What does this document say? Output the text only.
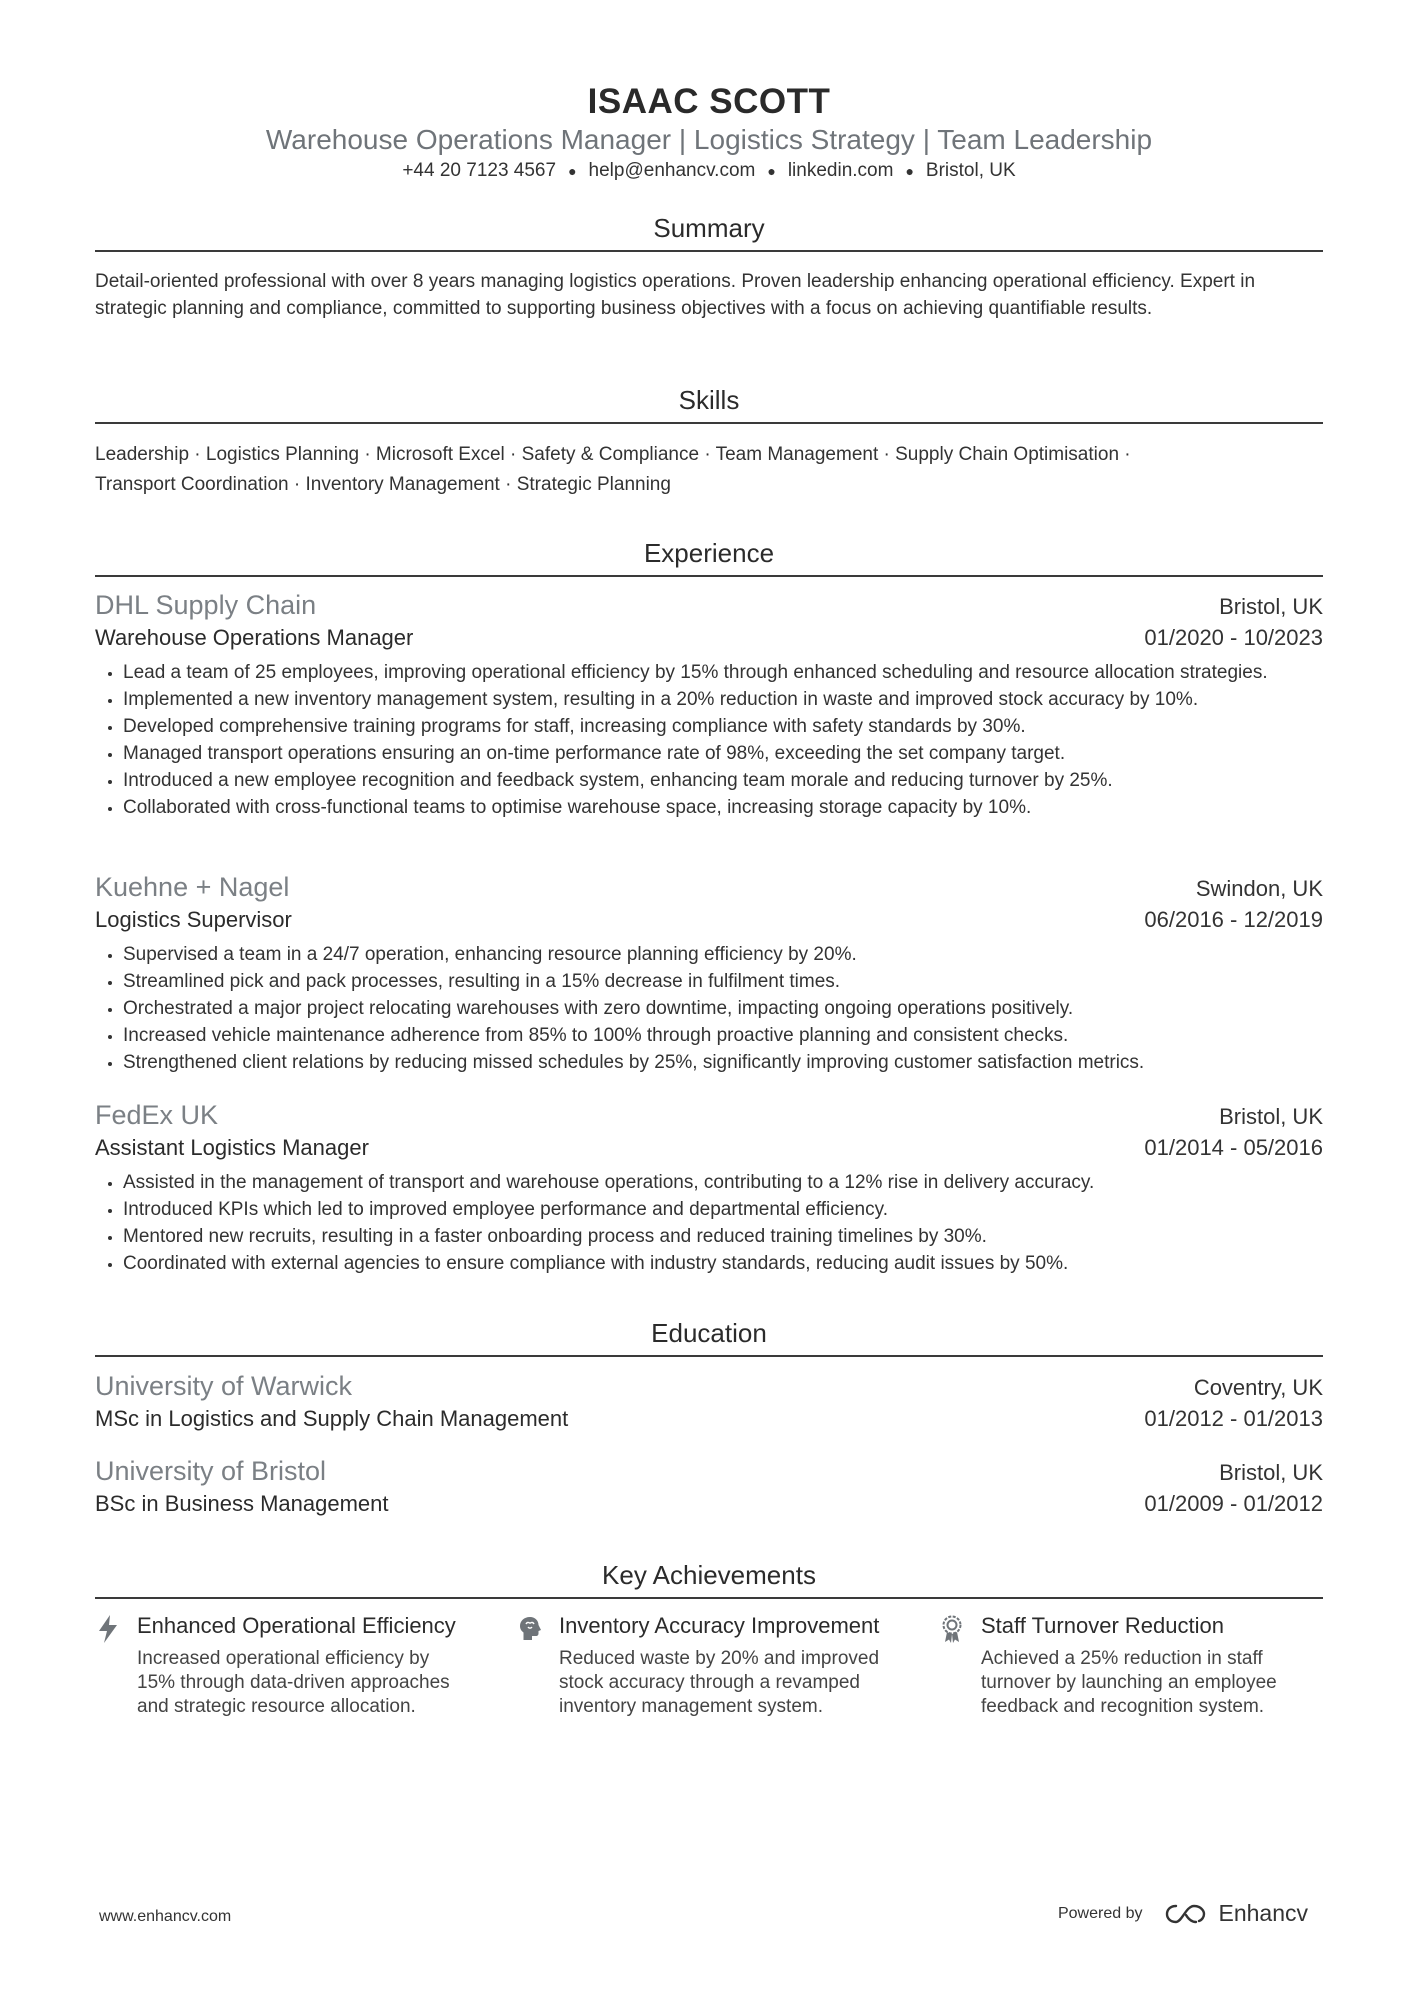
ISAAC SCOTT
Warehouse Operations Manager | Logistics Strategy | Team Leadership
+44 20 7123 4567 ● help@enhancv.com ● linkedin.com ● Bristol, UK
Summary
Detail-oriented professional with over 8 years managing logistics operations. Proven leadership enhancing operational efficiency. Expert in strategic planning and compliance, committed to supporting business objectives with a focus on achieving quantifiable results.
Skills
Leadership · Logistics Planning · Microsoft Excel · Safety & Compliance · Team Management · Supply Chain Optimisation ·
Transport Coordination · Inventory Management · Strategic Planning
Experience
DHL Supply Chain	Bristol, UK
Warehouse Operations Manager	01/2020 - 10/2023
• Lead a team of 25 employees, improving operational efficiency by 15% through enhanced scheduling and resource allocation strategies.
• Implemented a new inventory management system, resulting in a 20% reduction in waste and improved stock accuracy by 10%.
• Developed comprehensive training programs for staff, increasing compliance with safety standards by 30%.
• Managed transport operations ensuring an on-time performance rate of 98%, exceeding the set company target.
• Introduced a new employee recognition and feedback system, enhancing team morale and reducing turnover by 25%.
• Collaborated with cross-functional teams to optimise warehouse space, increasing storage capacity by 10%.
Kuehne + Nagel	Swindon, UK
Logistics Supervisor	06/2016 - 12/2019
• Supervised a team in a 24/7 operation, enhancing resource planning efficiency by 20%.
• Streamlined pick and pack processes, resulting in a 15% decrease in fulfilment times.
• Orchestrated a major project relocating warehouses with zero downtime, impacting ongoing operations positively.
• Increased vehicle maintenance adherence from 85% to 100% through proactive planning and consistent checks.
• Strengthened client relations by reducing missed schedules by 25%, significantly improving customer satisfaction metrics.
FedEx UK	Bristol, UK
Assistant Logistics Manager	01/2014 - 05/2016
• Assisted in the management of transport and warehouse operations, contributing to a 12% rise in delivery accuracy.
• Introduced KPIs which led to improved employee performance and departmental efficiency.
• Mentored new recruits, resulting in a faster onboarding process and reduced training timelines by 30%.
• Coordinated with external agencies to ensure compliance with industry standards, reducing audit issues by 50%.
Education
University of Warwick	Coventry, UK
MSc in Logistics and Supply Chain Management	01/2012 - 01/2013
University of Bristol	Bristol, UK
BSc in Business Management	01/2009 - 01/2012
Key Achievements
Enhanced Operational Efficiency
Increased operational efficiency by 15% through data-driven approaches and strategic resource allocation.
Inventory Accuracy Improvement
Reduced waste by 20% and improved stock accuracy through a revamped inventory management system.
Staff Turnover Reduction
Achieved a 25% reduction in staff turnover by launching an employee feedback and recognition system.
www.enhancv.com	Powered by	Enhancv
